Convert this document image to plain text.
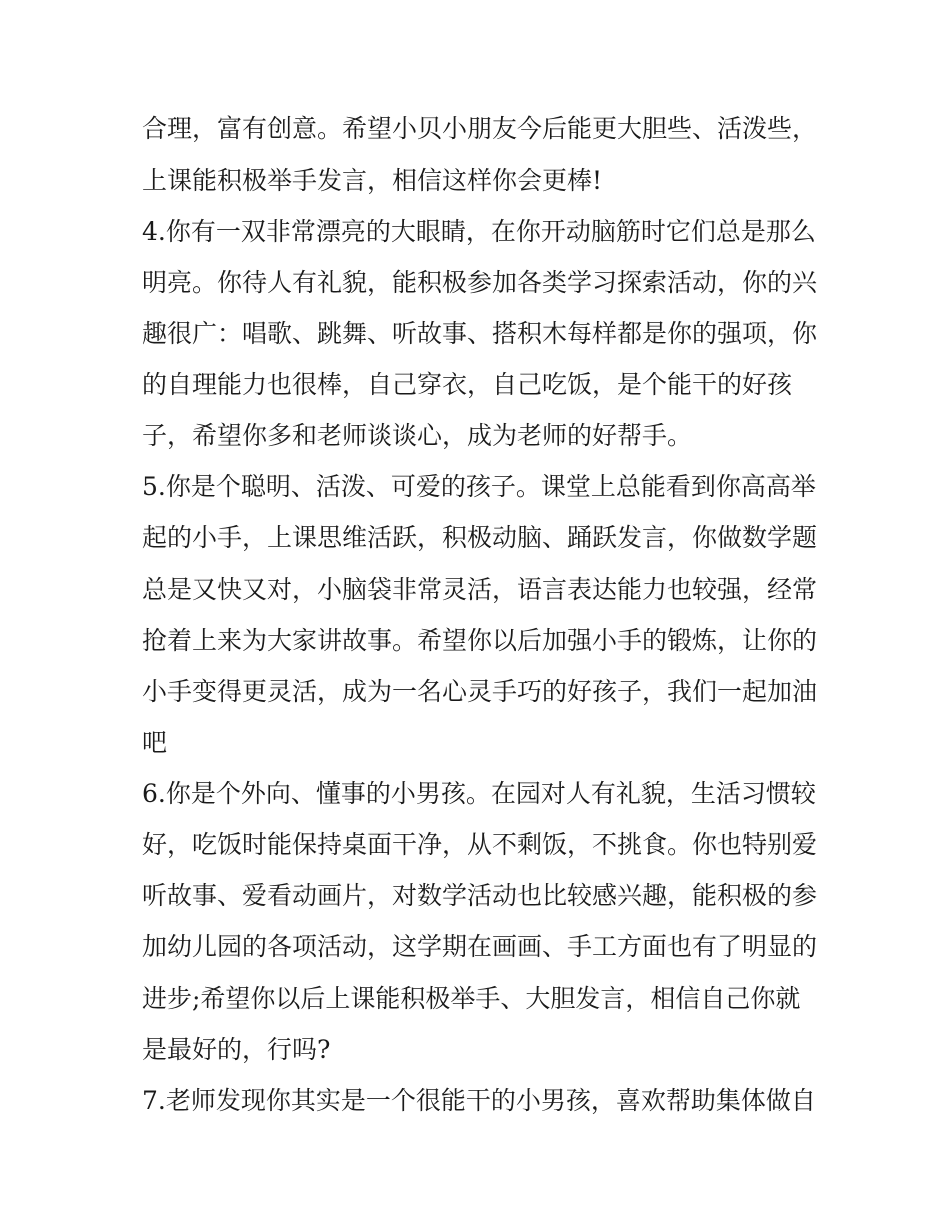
合理，富有创意。希望小贝小朋友今后能更大胆些、活泼些，

上课能积极举手发言，相信这样你会更棒!

4.你有一双非常漂亮的大眼睛，在你开动脑筋时它们总是那么

明亮。你待人有礼貌，能积极参加各类学习探索活动，你的兴

趣很广：唱歌、跳舞、听故事、搭积木每样都是你的强项，你

的自理能力也很棒，自己穿衣，自己吃饭，是个能干的好孩

子，希望你多和老师谈谈心，成为老师的好帮手。

5.你是个聪明、活泼、可爱的孩子。课堂上总能看到你高高举

起的小手，上课思维活跃，积极动脑、踊跃发言，你做数学题

总是又快又对，小脑袋非常灵活，语言表达能力也较强，经常

抢着上来为大家讲故事。希望你以后加强小手的锻炼，让你的

小手变得更灵活，成为一名心灵手巧的好孩子，我们一起加油

吧

6.你是个外向、懂事的小男孩。在园对人有礼貌，生活习惯较

好，吃饭时能保持桌面干净，从不剩饭，不挑食。你也特别爱

听故事、爱看动画片，对数学活动也比较感兴趣，能积极的参

加幼儿园的各项活动，这学期在画画、手工方面也有了明显的

进步;希望你以后上课能积极举手、大胆发言，相信自己你就

是最好的，行吗?

7.老师发现你其实是一个很能干的小男孩，喜欢帮助集体做自
